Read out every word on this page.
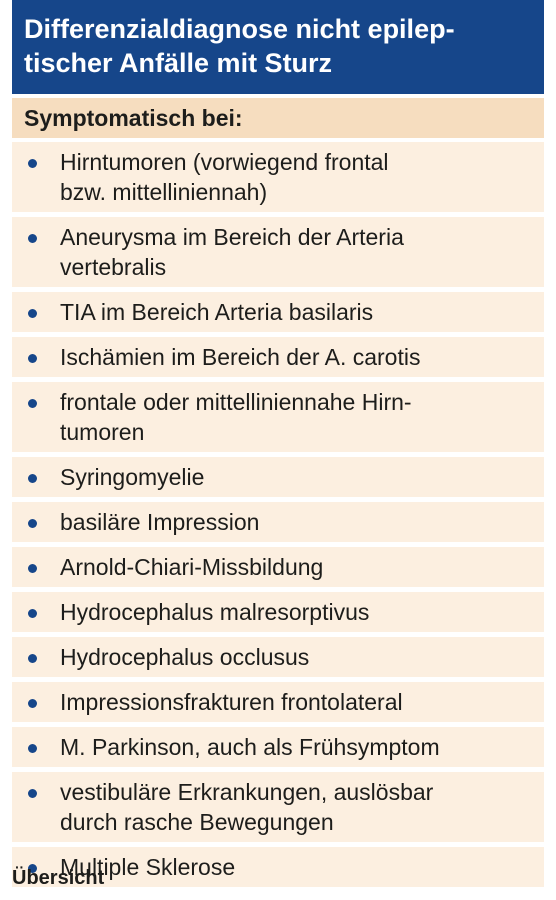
Differenzialdiagnose nicht epilep-
tischer Anfälle mit Sturz
Symptomatisch bei:
Hirntumoren (vorwiegend frontal
bzw. mittelliniennah)
Aneurysma im Bereich der Arteria
vertebralis
TIA im Bereich Arteria basilaris
Ischämien im Bereich der A. carotis
frontale oder mittelliniennahe Hirn-
tumoren
Syringomyelie
basiläre Impression
Arnold-Chiari-Missbildung
Hydrocephalus malresorptivus
Hydrocephalus occlusus
Impressionsfrakturen frontolateral
M. Parkinson, auch als Frühsymptom
vestibuläre Erkrankungen, auslösbar
durch rasche Bewegungen
Multiple Sklerose
Übersicht
